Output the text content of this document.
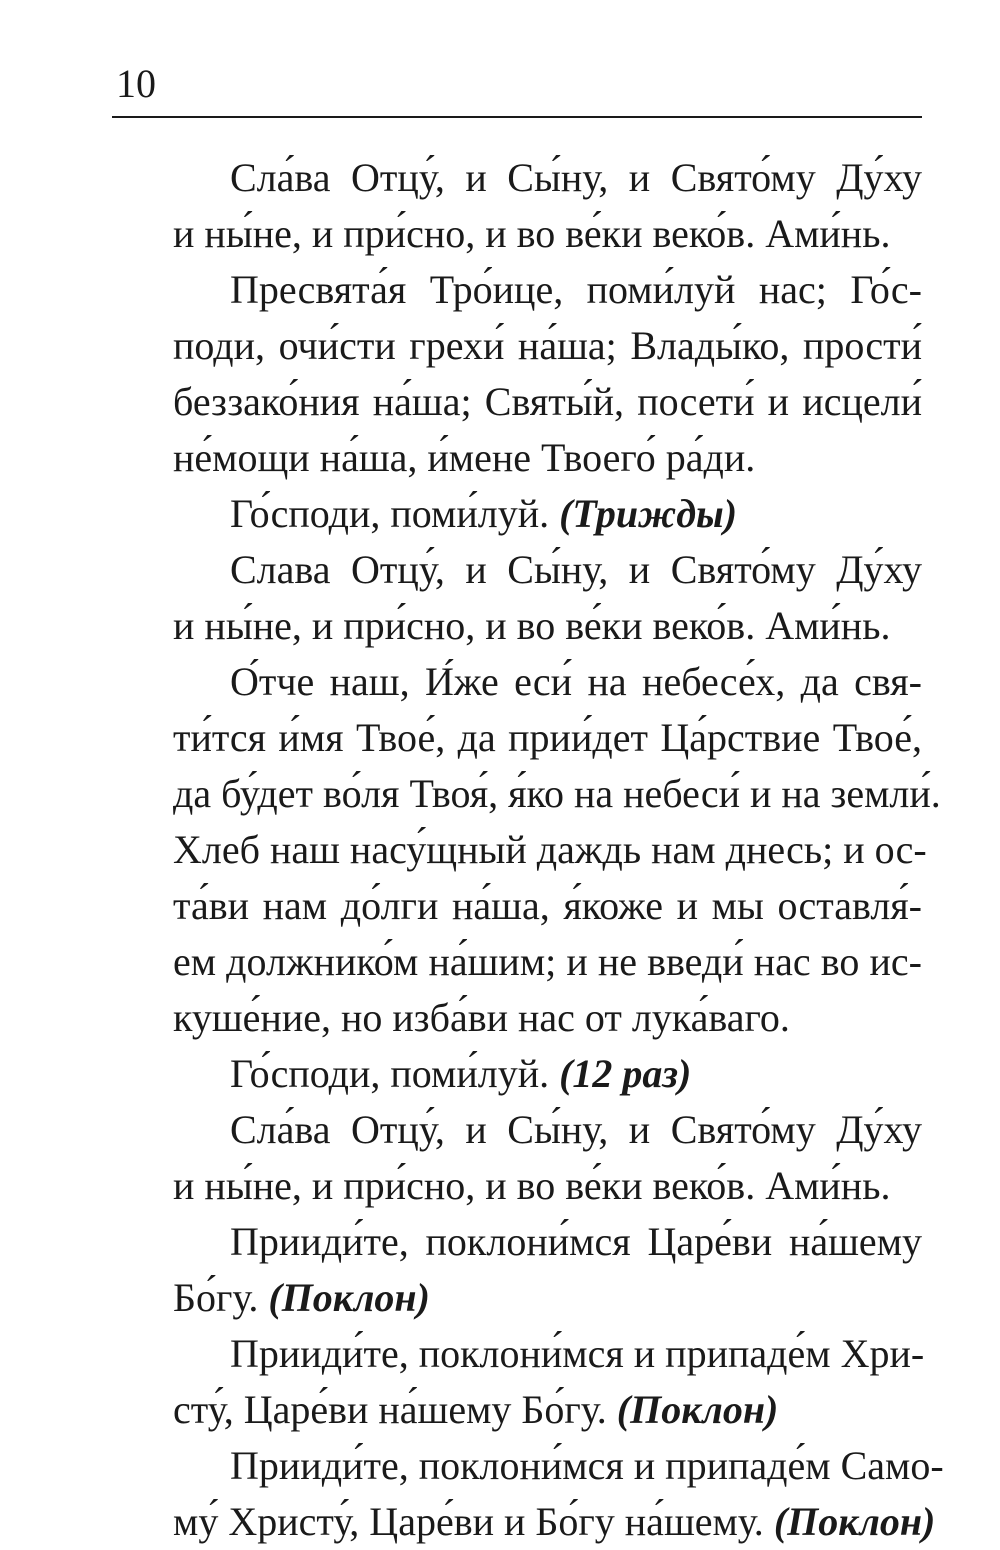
10

Сла́ва Отцу́, и Сы́ну, и Свято́му Ду́ху
и ны́не, и при́сно, и во ве́ки веко́в. Ами́нь.

Пресвята́я Тро́ице, поми́луй нас; Го́с-
поди, очи́сти грехи́ на́ша; Влады́ко, прости́
беззако́ния на́ша; Святы́й, посети́ и исцели́
не́мощи на́ша, и́мене Твоего́ ра́ди.

Го́споди, поми́луй. (Трижды)

Слава Отцу́, и Сы́ну, и Свято́му Ду́ху
и ны́не, и при́сно, и во ве́ки веко́в. Ами́нь.

О́тче наш, И́же еси́ на небесе́х, да свя-
ти́тся и́мя Твое́, да прии́дет Ца́рствие Твое́,
да бу́дет во́ля Твоя́, я́ко на небеси́ и на земли́.
Хлеб наш насу́щный даждь нам днесь; и ос-
та́ви нам до́лги на́ша, я́коже и мы оставля́-
ем должнико́м на́шим; и не введи́ нас во ис-
куше́ние, но изба́ви нас от лука́ваго.

Го́споди, поми́луй. (12 раз)

Сла́ва Отцу́, и Сы́ну, и Свято́му Ду́ху
и ны́не, и при́сно, и во ве́ки веко́в. Ами́нь.

Прииди́те, поклони́мся Царе́ви на́шему
Бо́гу. (Поклон)

Прииди́те, поклони́мся и припаде́м Хри-
сту́, Царе́ви на́шему Бо́гу. (Поклон)

Прииди́те, поклони́мся и припаде́м Само-
му́ Христу́, Царе́ви и Бо́гу на́шему. (Поклон)
